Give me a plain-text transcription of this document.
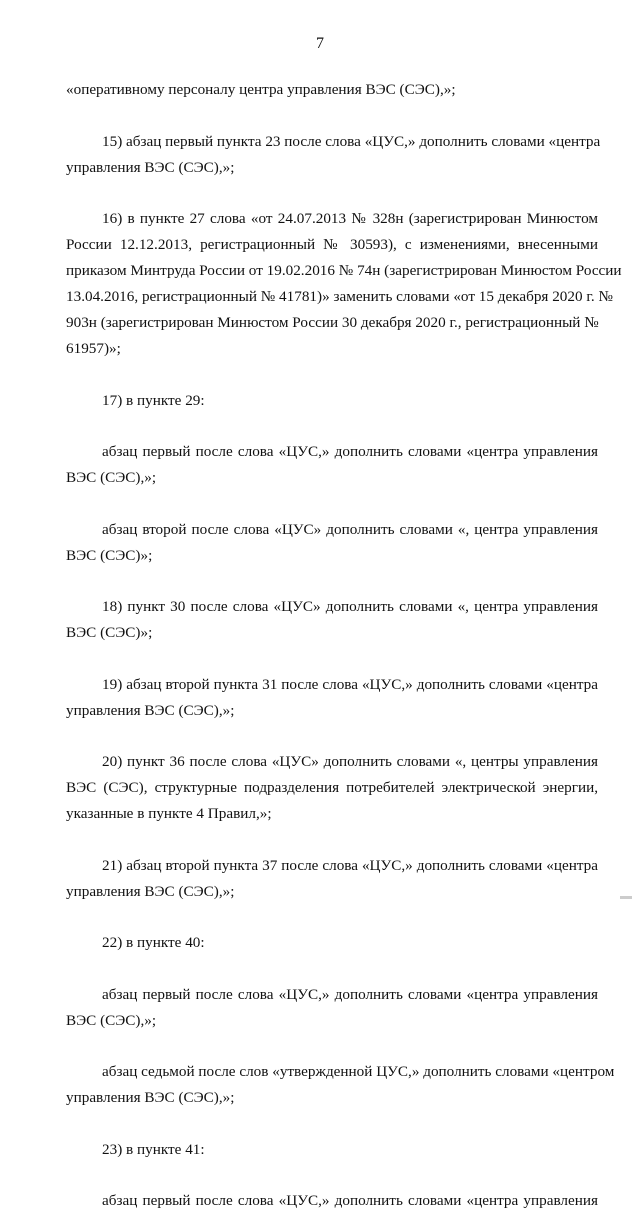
7
«оперативному персоналу центра управления ВЭС (СЭС),»;
15) абзац первый пункта 23 после слова «ЦУС,» дополнить словами «центра
управления ВЭС (СЭС),»;
16) в пункте 27 слова «от 24.07.2013 № 328н (зарегистрирован Минюстом
России 12.12.2013, регистрационный № 30593), с изменениями, внесенными
приказом Минтруда России от 19.02.2016 № 74н (зарегистрирован Минюстом России
13.04.2016, регистрационный № 41781)» заменить словами «от 15 декабря 2020 г. №
903н (зарегистрирован Минюстом России 30 декабря 2020 г., регистрационный №
61957)»;
17) в пункте 29:
абзац первый после слова «ЦУС,» дополнить словами «центра управления
ВЭС (СЭС),»;
абзац второй после слова «ЦУС» дополнить словами «, центра управления
ВЭС (СЭС)»;
18) пункт 30 после слова «ЦУС» дополнить словами «, центра управления
ВЭС (СЭС)»;
19) абзац второй пункта 31 после слова «ЦУС,» дополнить словами «центра
управления ВЭС (СЭС),»;
20) пункт 36 после слова «ЦУС» дополнить словами «, центры управления
ВЭС (СЭС), структурные подразделения потребителей электрической энергии,
указанные в пункте 4 Правил,»;
21) абзац второй пункта 37 после слова «ЦУС,» дополнить словами «центра
управления ВЭС (СЭС),»;
22) в пункте 40:
абзац первый после слова «ЦУС,» дополнить словами «центра управления
ВЭС (СЭС),»;
абзац седьмой после слов «утвержденной ЦУС,» дополнить словами «центром
управления ВЭС (СЭС),»;
23) в пункте 41:
абзац первый после слова «ЦУС,» дополнить словами «центра управления
